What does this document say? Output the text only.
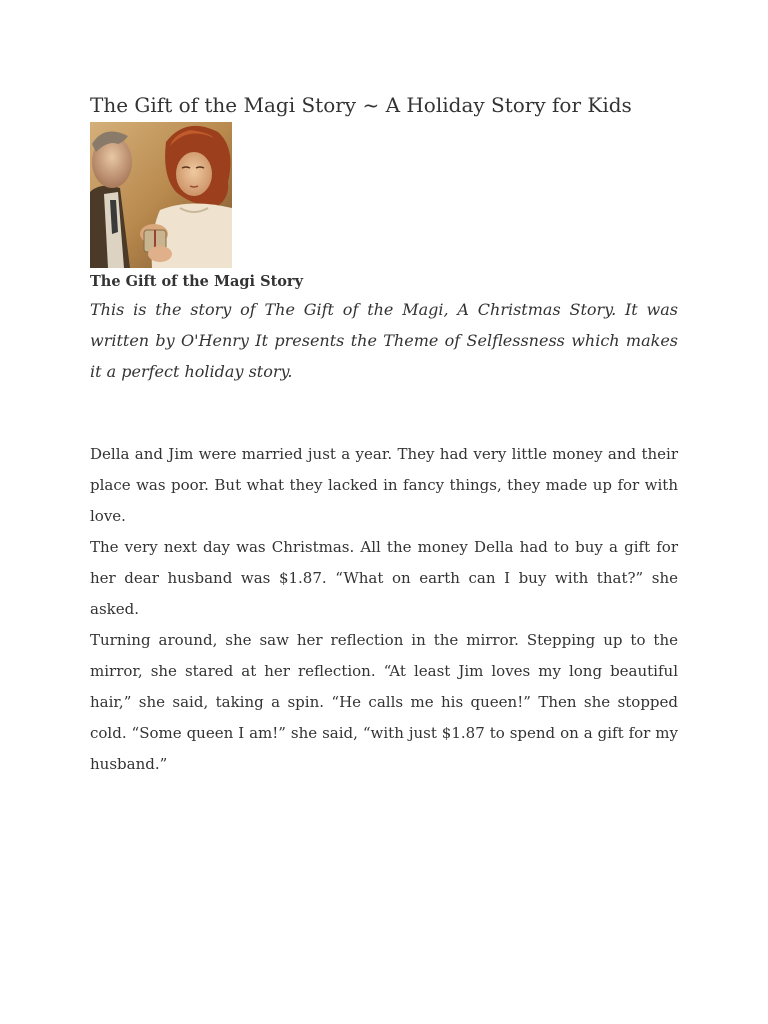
The Gift of the Magi Story ~ A Holiday Story for Kids
The Gift of the Magi Story

This is the story of The Gift of the Magi, A Christmas Story. It was written by O'Henry It presents the Theme of Selflessness which makes it a perfect holiday story.

Della and Jim were married just a year. They had very little money and their place was poor. But what they lacked in fancy things, they made up for with love.

The very next day was Christmas. All the money Della had to buy a gift for her dear husband was $1.87. “What on earth can I buy with that?” she asked.

Turning around, she saw her reflection in the mirror. Stepping up to the mirror, she stared at her reflection. “At least Jim loves my long beautiful hair,” she said, taking a spin. “He calls me his queen!” Then she stopped cold. “Some queen I am!” she said, “with just $1.87 to spend on a gift for my husband.”
